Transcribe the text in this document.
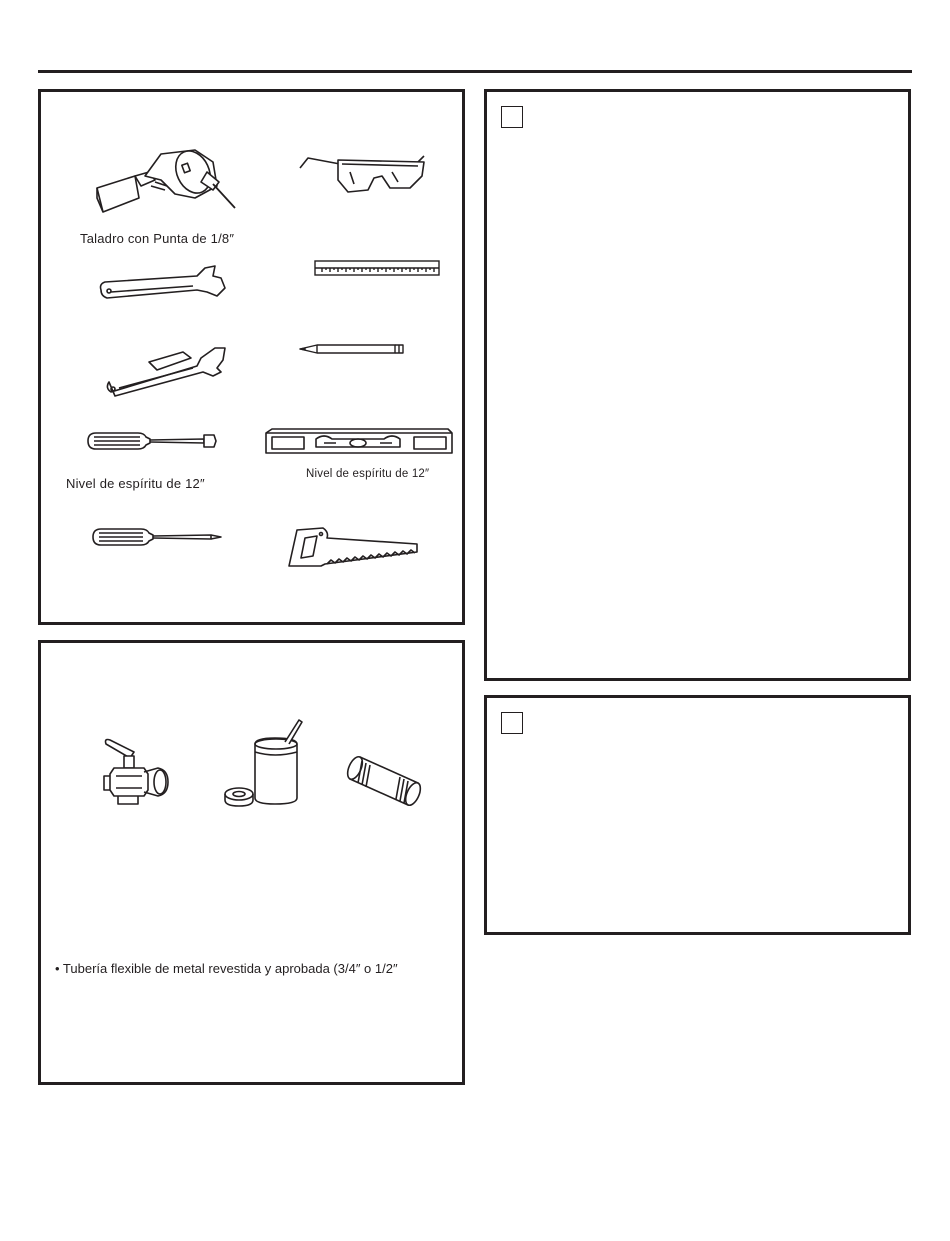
Taladro con Punta de 1/8″
Nivel de espíritu de 12″
Nivel de espíritu de 12″
• Tubería flexible de metal revestida y aprobada (3/4″ o 1/2″
